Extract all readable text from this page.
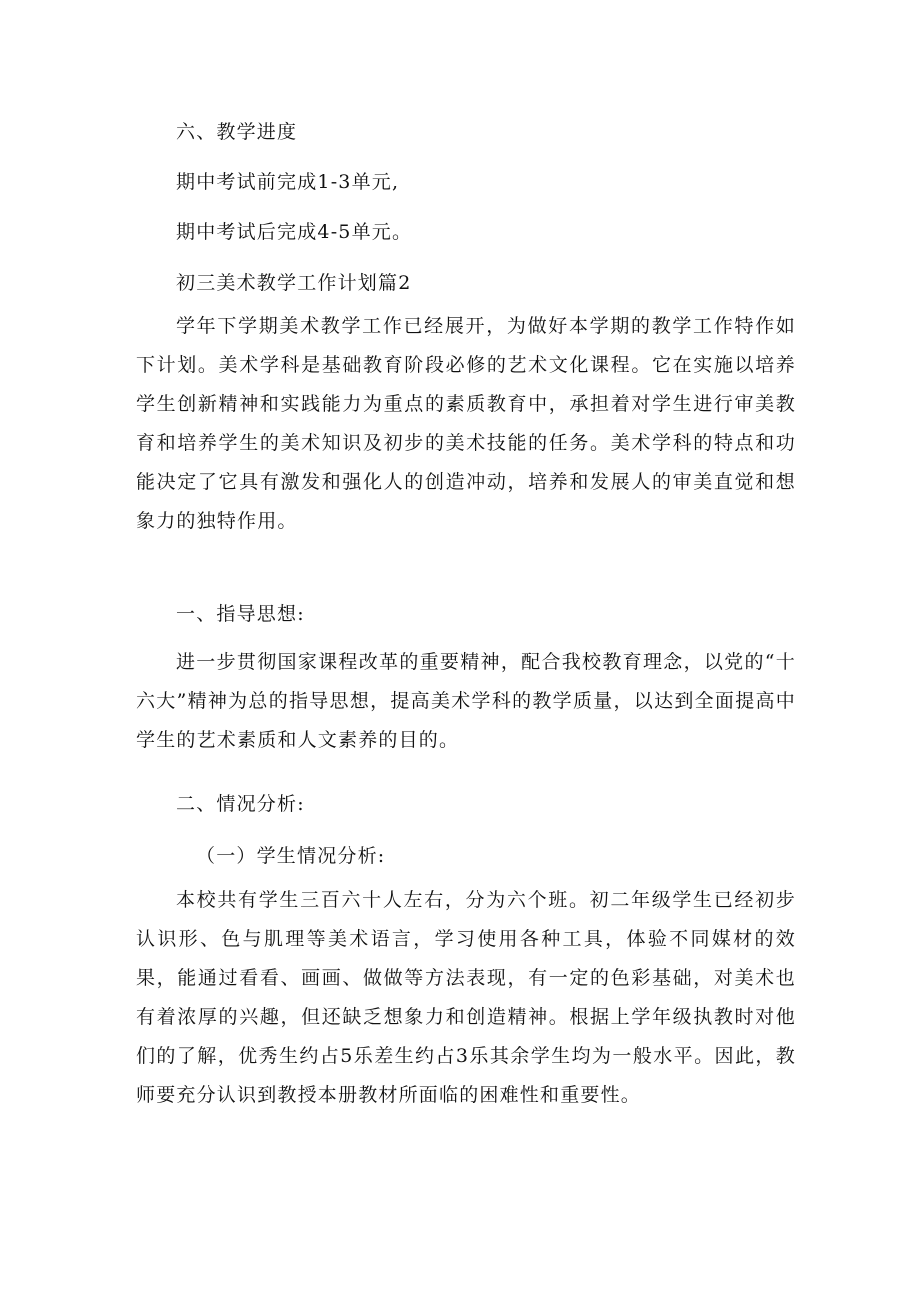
六、教学进度
期中考试前完成1-3单元,
期中考试后完成4-5单元。
初三美术教学工作计划篇2
学年下学期美术教学工作已经展开，为做好本学期的教学工作特作如下计划。美术学科是基础教育阶段必修的艺术文化课程。它在实施以培养学生创新精神和实践能力为重点的素质教育中，承担着对学生进行审美教育和培养学生的美术知识及初步的美术技能的任务。美术学科的特点和功能决定了它具有激发和强化人的创造冲动，培养和发展人的审美直觉和想象力的独特作用。
一、指导思想:
进一步贯彻国家课程改革的重要精神，配合我校教育理念，以党的“十六大”精神为总的指导思想，提高美术学科的教学质量，以达到全面提高中学生的艺术素质和人文素养的目的。
二、情况分析:
（一）学生情况分析:
本校共有学生三百六十人左右，分为六个班。初二年级学生已经初步认识形、色与肌理等美术语言，学习使用各种工具，体验不同媒材的效果，能通过看看、画画、做做等方法表现，有一定的色彩基础，对美术也有着浓厚的兴趣，但还缺乏想象力和创造精神。根据上学年级执教时对他们的了解，优秀生约占5乐差生约占3乐其余学生均为一般水平。因此，教师要充分认识到教授本册教材所面临的困难性和重要性。
